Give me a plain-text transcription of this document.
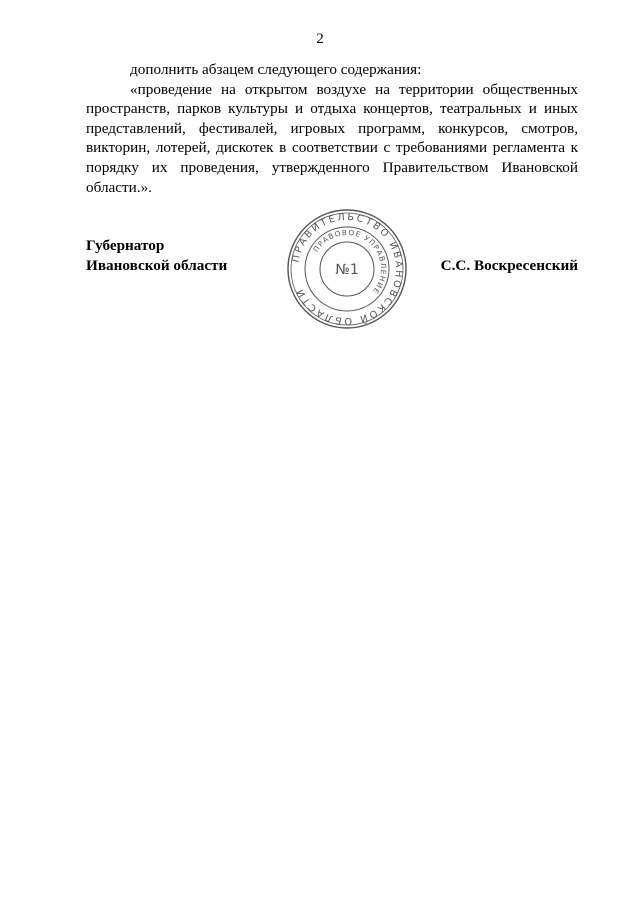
2

дополнить абзацем следующего содержания:

«проведение на открытом воздухе на территории общественных пространств, парков культуры и отдыха концертов, театральных и иных представлений, фестивалей, игровых программ, конкурсов, смотров, викторин, лотерей, дискотек в соответствии с требованиями регламента к порядку их проведения, утвержденного Правительством Ивановской области.».

Губернатор
Ивановской области	С.С. Воскресенский
ПРАВИТЕЛЬСТВО ИВАНОВСКОЙ ОБЛАСТИ
ПРАВОВОЕ УПРАВЛЕНИЕ
№1
